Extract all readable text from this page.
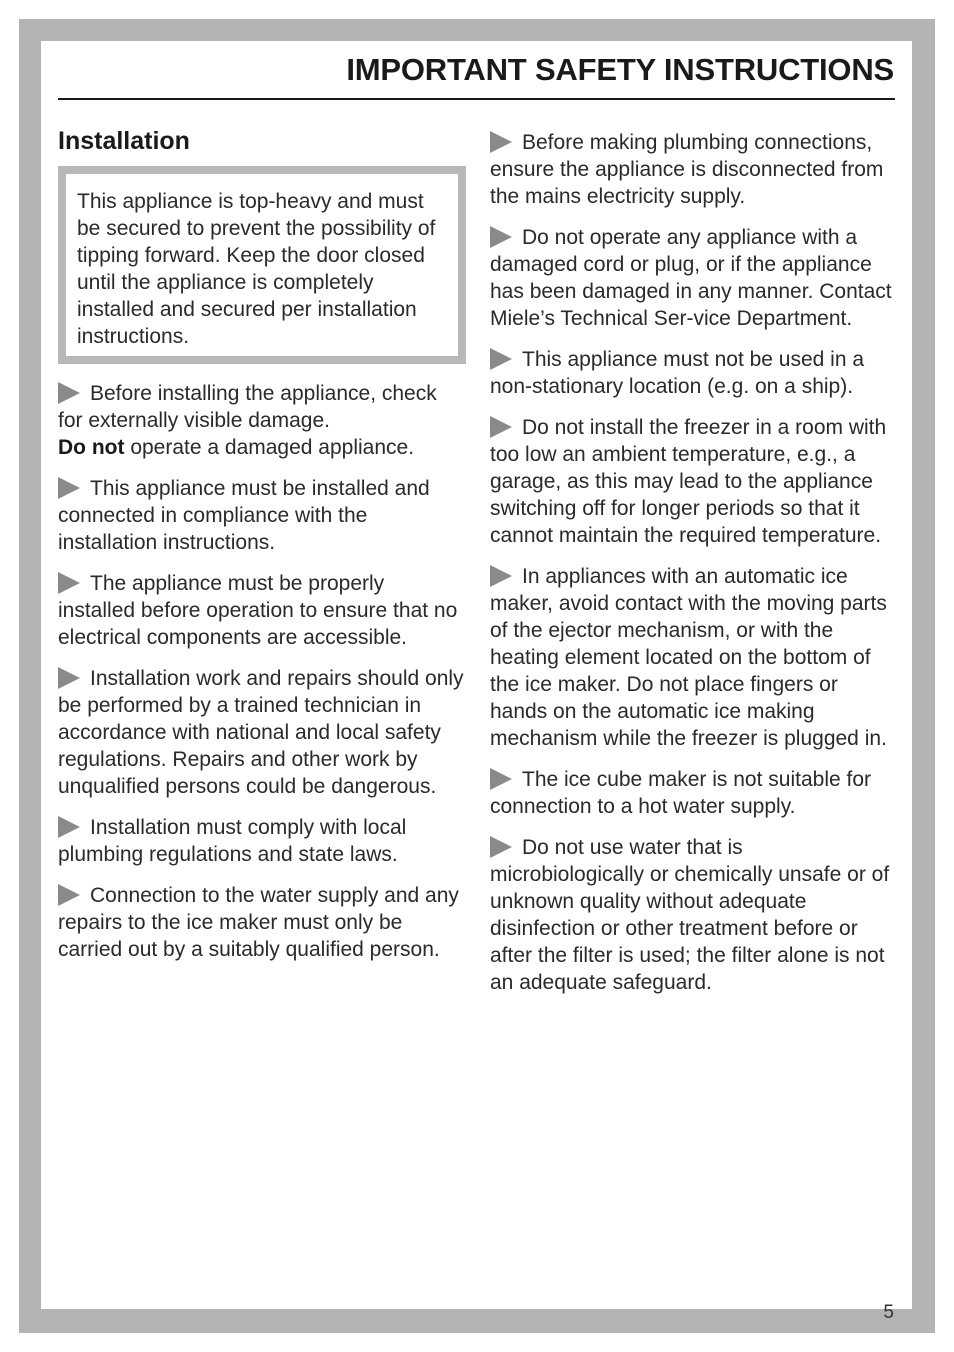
IMPORTANT SAFETY INSTRUCTIONS
Installation

This appliance is top-heavy and must be secured to prevent the possibility of tipping forward. Keep the door closed until the appliance is completely installed and secured per installation instructions.

Before installing the appliance, check for externally visible damage.
Do not operate a damaged appliance.

This appliance must be installed and connected in compliance with the installation instructions.

The appliance must be properly installed before operation to ensure that no electrical components are accessible.

Installation work and repairs should only be performed by a trained technician in accordance with national and local safety regulations. Repairs and other work by unqualified persons could be dangerous.

Installation must comply with local plumbing regulations and state laws.

Connection to the water supply and any repairs to the ice maker must only be carried out by a suitably qualified person.

Before making plumbing connections, ensure the appliance is disconnected from the mains electricity supply.

Do not operate any appliance with a damaged cord or plug, or if the appliance has been damaged in any manner. Contact Miele’s Technical Ser-vice Department.

This appliance must not be used in a non-stationary location (e.g. on a ship).

Do not install the freezer in a room with too low an ambient temperature, e.g., a garage, as this may lead to the appliance switching off for longer periods so that it cannot maintain the required temperature.

In appliances with an automatic ice maker, avoid contact with the moving parts of the ejector mechanism, or with the heating element located on the bottom of the ice maker. Do not place fingers or hands on the automatic ice making mechanism while the freezer is plugged in.

The ice cube maker is not suitable for connection to a hot water supply.

Do not use water that is microbiologically or chemically unsafe or of unknown quality without adequate disinfection or other treatment before or after the filter is used; the filter alone is not an adequate safeguard.

5
